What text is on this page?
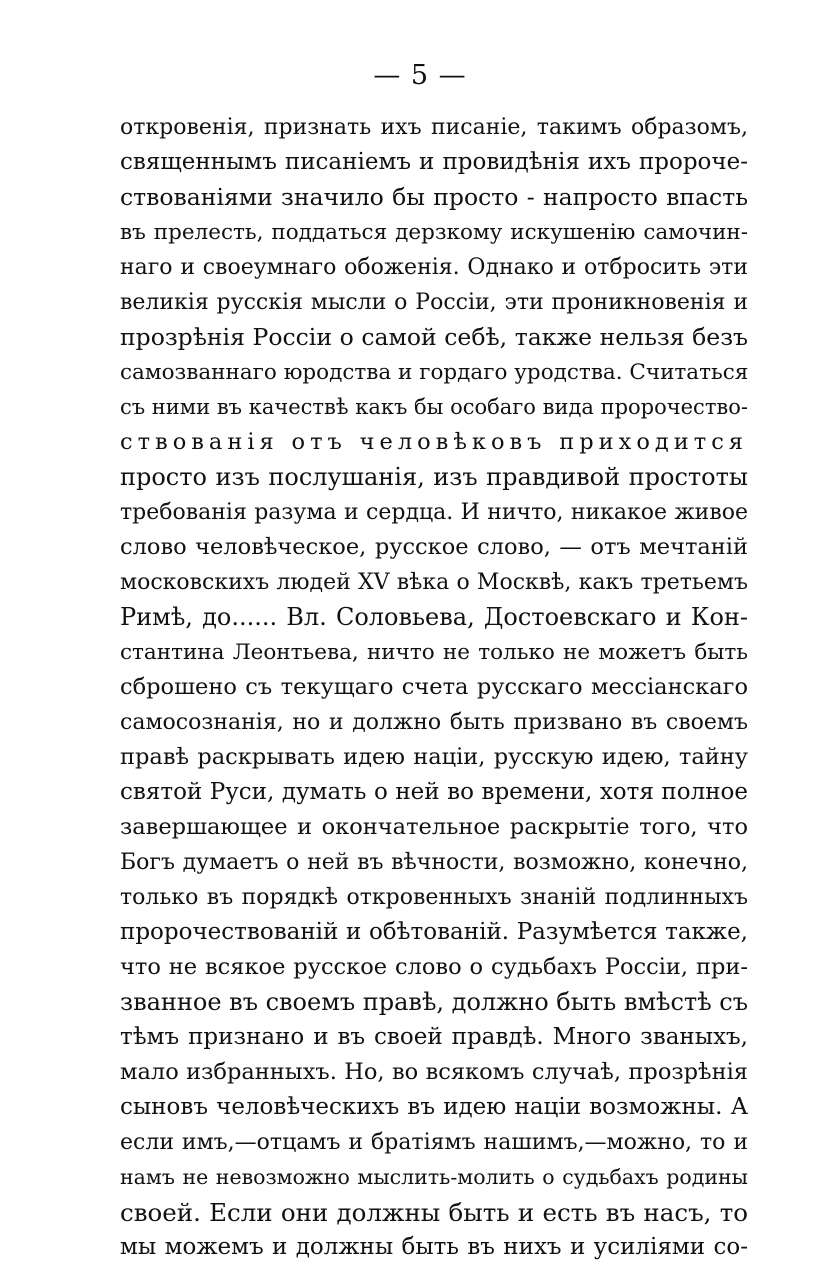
— 5 —
откровенія, признать ихъ писаніе, такимъ образомъ,
священнымъ писаніемъ и провидѣнія ихъ пророче-
ствованіями значило бы просто - напросто впасть
въ прелесть, поддаться дерзкому искушенію самочин-
наго и своеумнаго обоженія. Однако и отбросить эти
великія русскія мысли о Россіи, эти проникновенія и
прозрѣнія Россіи о самой себѣ, также нельзя безъ
самозваннаго юродства и гордаго уродства. Считаться
съ ними въ качествѣ какъ бы особаго вида пророчество-
ствованія отъ человѣковъ приходится
просто изъ послушанія, изъ правдивой простоты
требованія разума и сердца. И ничто, никакое живое
слово человѣческое, русское слово, — отъ мечтаній
московскихъ людей XV вѣка о Москвѣ, какъ третьемъ
Римѣ, до...... Вл. Соловьева, Достоевскаго и Кон-
стантина Леонтьева, ничто не только не можетъ быть
сброшено съ текущаго счета русскаго мессіанскаго
самосознанія, но и должно быть призвано въ своемъ
правѣ раскрывать идею націи, русскую идею, тайну
святой Руси, думать о ней во времени, хотя полное
завершающее и окончательное раскрытіе того, что
Богъ думаетъ о ней въ вѣчности, возможно, конечно,
только въ порядкѣ откровенныхъ знаній подлинныхъ
пророчествованій и обѣтованій. Разумѣется также,
что не всякое русское слово о судьбахъ Россіи, при-
званное въ своемъ правѣ, должно быть вмѣстѣ съ
тѣмъ признано и въ своей правдѣ. Много званыхъ,
мало избранныхъ. Но, во всякомъ случаѣ, прозрѣнія
сыновъ человѣческихъ въ идею націи возможны. А
если имъ,—отцамъ и братіямъ нашимъ,—можно, то и
намъ не невозможно мыслить-молить о судьбахъ родины
своей. Если они должны быть и есть въ насъ, то
мы можемъ и должны быть въ нихъ и усиліями со-
